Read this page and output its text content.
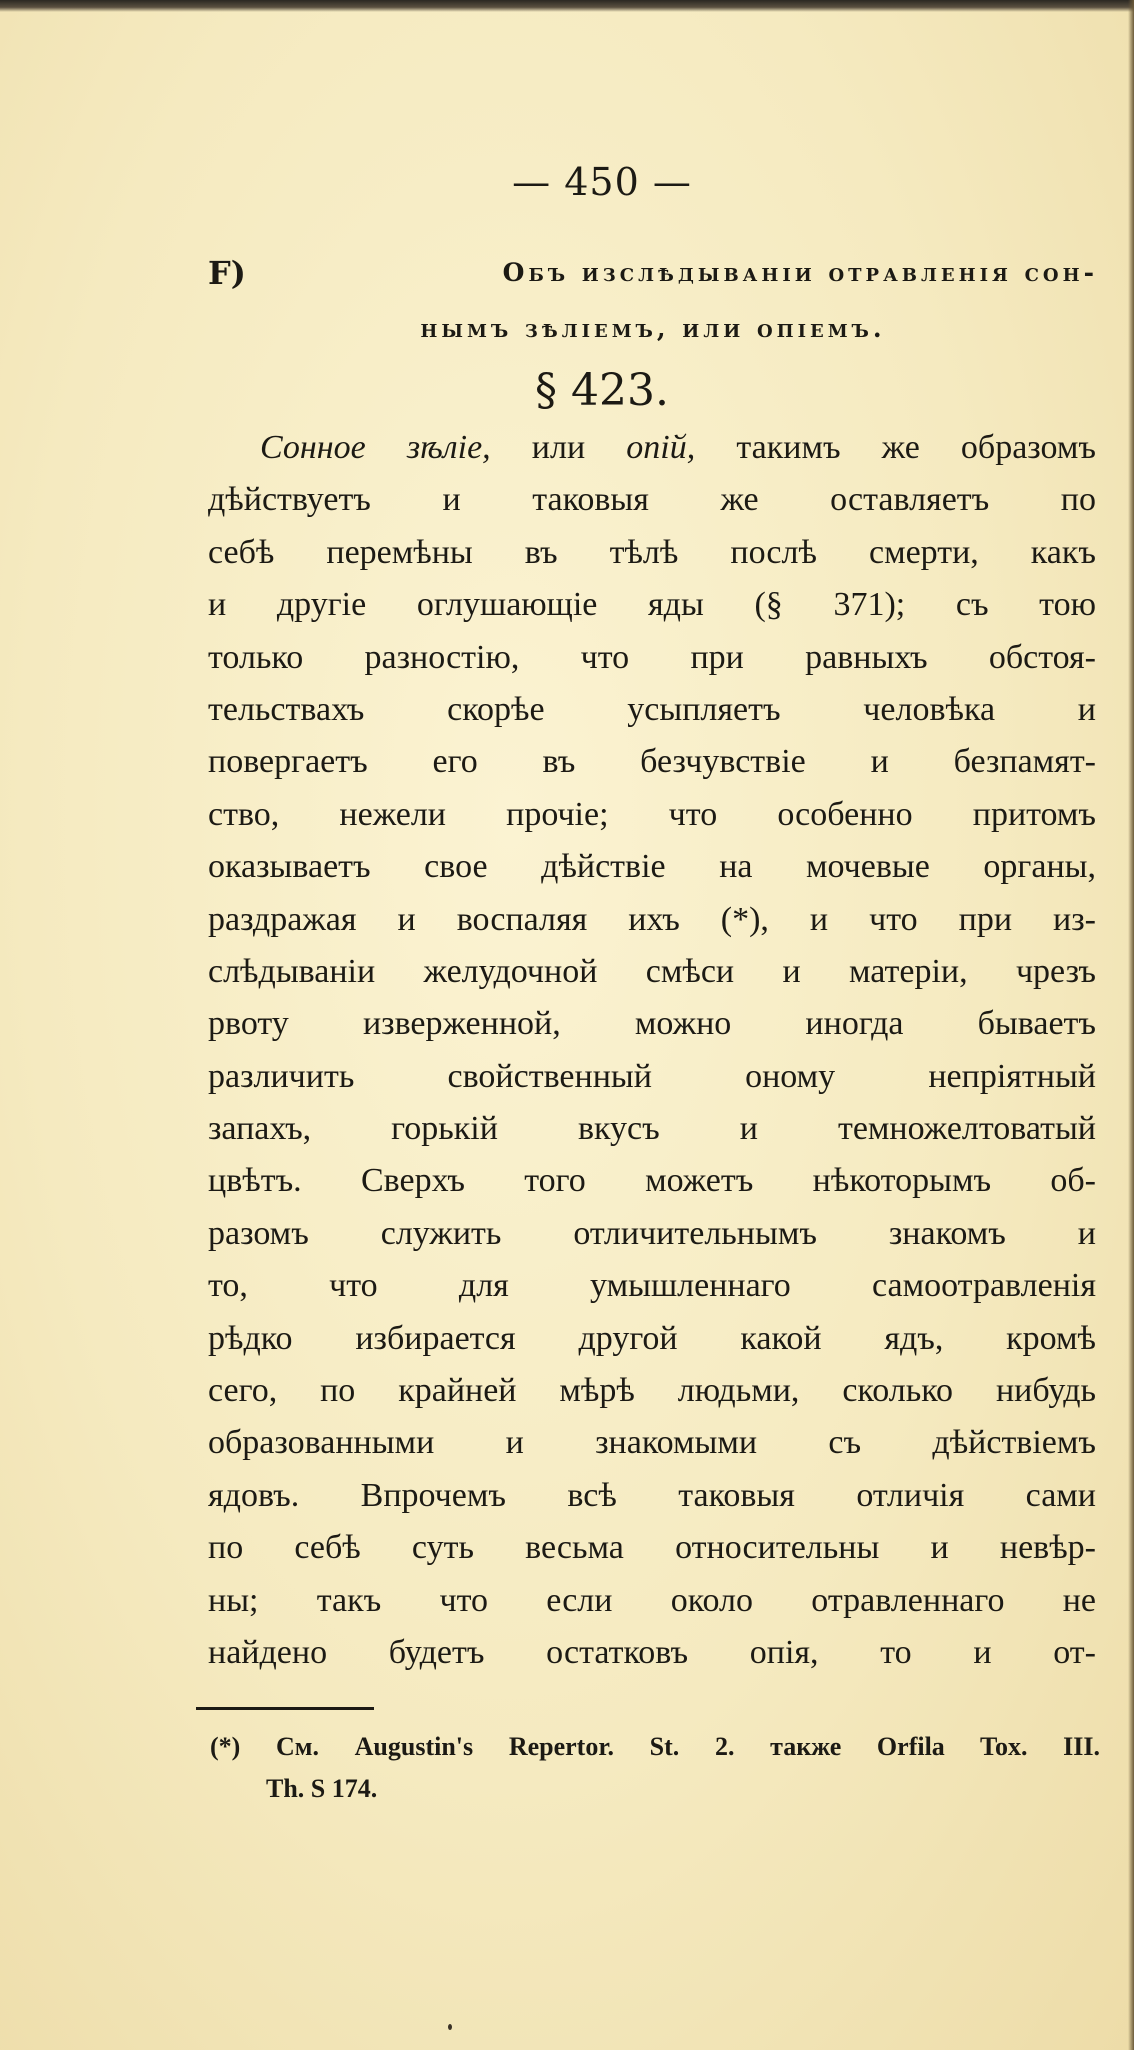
— 450 —
F)	Объ изслѣдываніи отравленія сон-
нымъ зѣліемъ, или опіемъ.
§ 423.
Сонное зѣліе, или опій, такимъ же образомъ
дѣйствуетъ и таковыя же оставляетъ по
себѣ перемѣны въ тѣлѣ послѣ смерти, какъ
и другіе оглушающіе яды (§ 371); съ тою
только разностію, что при равныхъ обстоя-
тельствахъ скорѣе усыпляетъ человѣка и
повергаетъ его въ безчувствіе и безпамят-
ство, нежели прочіе; что особенно притомъ
оказываетъ свое дѣйствіе на мочевые органы,
раздражая и воспаляя ихъ (*), и что при из-
слѣдываніи желудочной смѣси и матеріи, чрезъ
рвоту изверженной, можно иногда бываетъ
различить свойственный оному непріятный
запахъ, горькій вкусъ и темножелтоватый
цвѣтъ. Сверхъ того можетъ нѣкоторымъ об-
разомъ служить отличительнымъ знакомъ и
то, что для умышленнаго самоотравленія
рѣдко избирается другой какой ядъ, кромѣ
сего, по крайней мѣрѣ людьми, сколько нибудь
образованными и знакомыми съ дѣйствіемъ
ядовъ. Впрочемъ всѣ таковыя отличія сами
по себѣ суть весьма относительны и невѣр-
ны; такъ что если около отравленнаго не
найдено будетъ остатковъ опія, то и от-
(*) См. Augustin's Repertor. St. 2. также Orfila Tox. III.
Th. S 174.
